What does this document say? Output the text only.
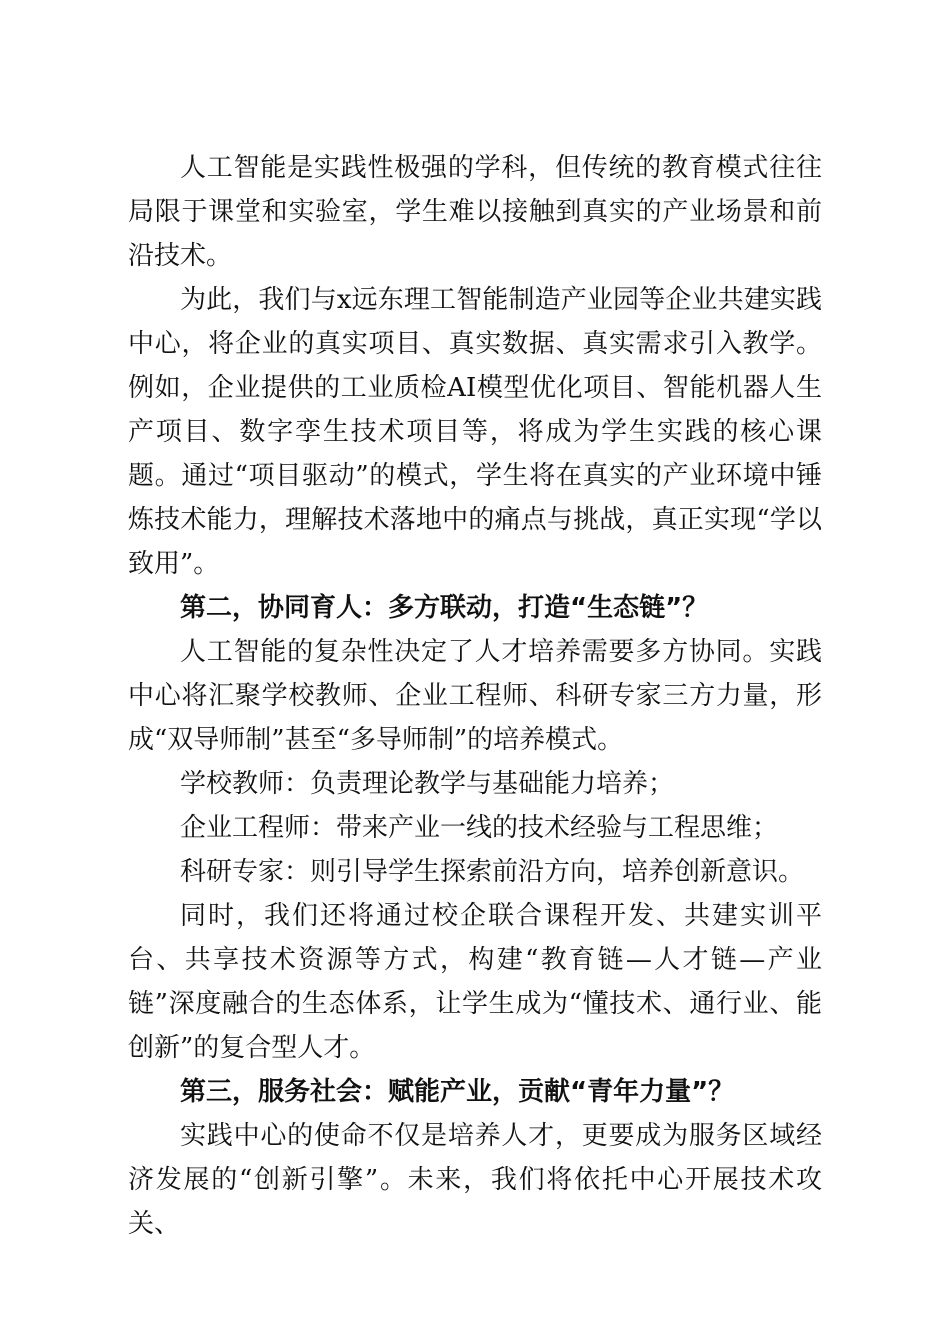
人工智能是实践性极强的学科，但传统的教育模式往往局限于课堂和实验室，学生难以接触到真实的产业场景和前沿技术。

为此，我们与x远东理工智能制造产业园等企业共建实践中心，将企业的真实项目、真实数据、真实需求引入教学。例如，企业提供的工业质检AI模型优化项目、智能机器人生产项目、数字孪生技术项目等，将成为学生实践的核心课题。通过“项目驱动”的模式，学生将在真实的产业环境中锤炼技术能力，理解技术落地中的痛点与挑战，真正实现“学以致用”。

第二，协同育人：多方联动，打造“生态链”？

人工智能的复杂性决定了人才培养需要多方协同。实践中心将汇聚学校教师、企业工程师、科研专家三方力量，形成“双导师制”甚至“多导师制”的培养模式。

学校教师：负责理论教学与基础能力培养；

企业工程师：带来产业一线的技术经验与工程思维；

科研专家：则引导学生探索前沿方向，培养创新意识。

同时，我们还将通过校企联合课程开发、共建实训平台、共享技术资源等方式，构建“教育链—人才链—产业链”深度融合的生态体系，让学生成为“懂技术、通行业、能创新”的复合型人才。

第三，服务社会：赋能产业，贡献“青年力量”？

实践中心的使命不仅是培养人才，更要成为服务区域经济发展的“创新引擎”。未来，我们将依托中心开展技术攻关、
